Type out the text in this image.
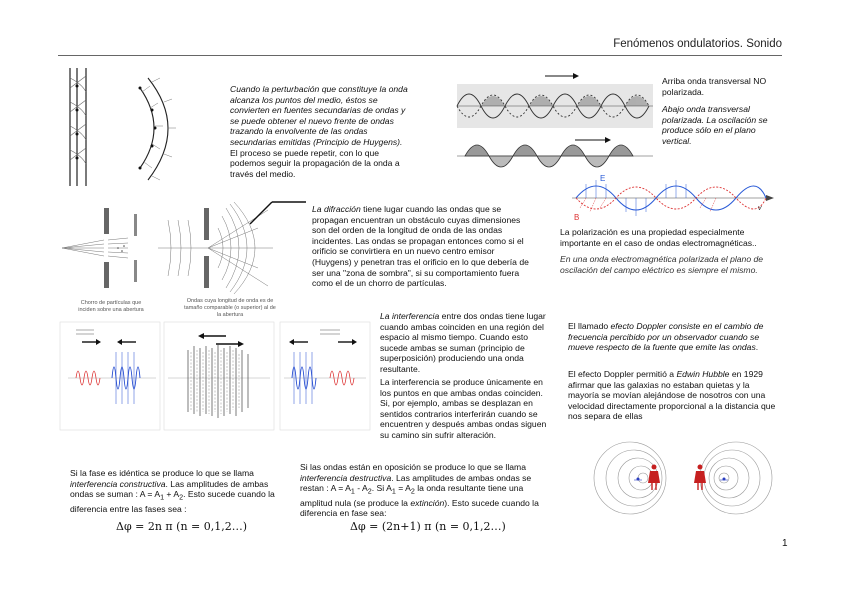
Fenómenos ondulatorios. Sonido
Cuando la perturbación que constituye la onda alcanza los puntos del medio, éstos se convierten en fuentes secundarias de ondas y se puede obtener el nuevo frente de ondas trazando la envolvente de las ondas secundarias emitidas (Principio de Huygens). El proceso se puede repetir, con lo que podemos seguir la propagación de la onda a través del medio.
Arriba onda transversal NO polarizada.
Abajo onda transversal polarizada. La oscilación se produce sólo en el plano vertical.
E
B
v
La polarización es una propiedad especialmente importante en el caso de ondas electromagnéticas..
En una onda electromagnética polarizada el plano de oscilación del campo eléctrico es siempre el mismo.
Chorro de partículas que inciden sobre una abertura
Ondas cuya longitud de onda es de tamaño comparable (o superior) al de la abertura
La difracción tiene lugar cuando las ondas que se propagan encuentran un obstáculo cuyas dimensiones son del orden de la longitud de onda de las ondas incidentes. Las ondas se propagan entonces como si el orificio se convirtiera en un nuevo centro emisor (Huygens) y penetran tras el orificio en lo que debería de ser una "zona de sombra", si su comportamiento fuera como el de un chorro de partículas.
La interferencia entre dos ondas tiene lugar cuando ambas coinciden en una región del espacio al mismo tiempo. Cuando esto sucede ambas se suman (principio de superposición) produciendo una onda resultante.
La interferencia se produce únicamente en los puntos en que ambas ondas coinciden. Si, por ejemplo, ambas se desplazan en sentidos contrarios interferirán cuando se encuentren y después ambas ondas siguen su camino sin sufrir alteración.
Si la fase es idéntica se produce lo que se llama interferencia constructiva. Las amplitudes de ambas ondas se suman : $A = A_1 + A_2$. Esto sucede cuando la diferencia entre las fases sea :
Δφ = 2n π (n = 0,1,2…)
Si las ondas están en oposición se produce lo que se llama interferencia destructiva. Las amplitudes de ambas ondas se restan : $A = A_1 - A_2$. Si $A_1 = A_2$ la onda resultante tiene una amplitud nula (se produce la extinción). Esto sucede cuando la diferencia en fase sea:
Δφ = (2n+1) π (n = 0,1,2…)
El llamado efecto Doppler consiste en el cambio de frecuencia percibido por un observador cuando se mueve respecto de la fuente que emite las ondas.
El efecto Doppler permitió a Edwin Hubble en 1929 afirmar que las galaxias no estaban quietas y la mayoría se movían alejándose de nosotros con una velocidad directamente proporcional a la distancia que nos separa de ellas
1
